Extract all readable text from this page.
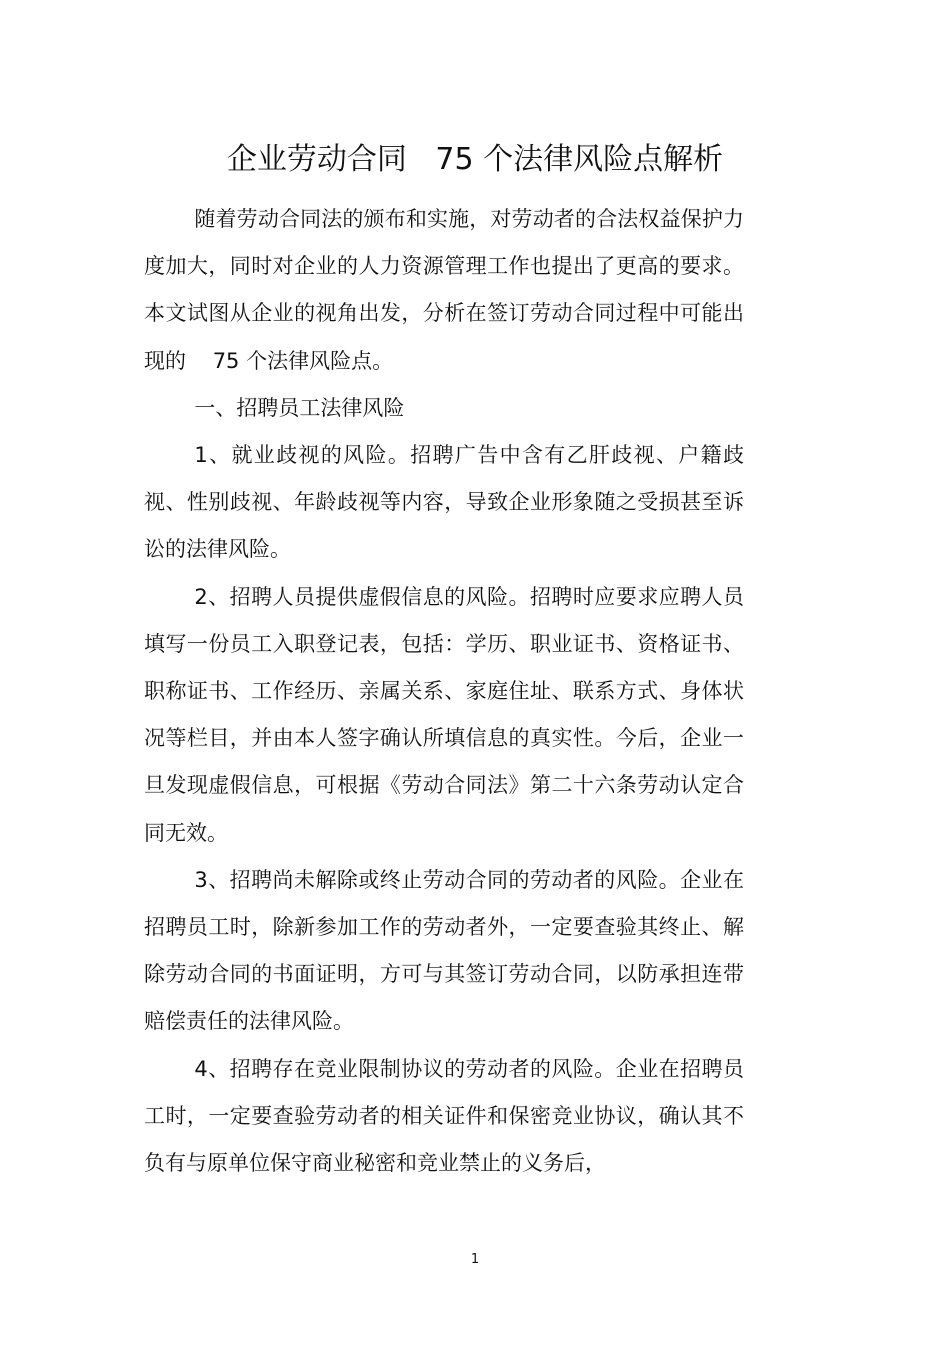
企业劳动合同   75 个法律风险点解析

随着劳动合同法的颁布和实施，对劳动者的合法权益保护力度加大，同时对企业的人力资源管理工作也提出了更高的要求。本文试图从企业的视角出发，分析在签订劳动合同过程中可能出现的    75 个法律风险点。

一、招聘员工法律风险

1、就业歧视的风险。招聘广告中含有乙肝歧视、户籍歧视、性别歧视、年龄歧视等内容，导致企业形象随之受损甚至诉讼的法律风险。

2、招聘人员提供虚假信息的风险。招聘时应要求应聘人员填写一份员工入职登记表，包括：学历、职业证书、资格证书、职称证书、工作经历、亲属关系、家庭住址、联系方式、身体状况等栏目，并由本人签字确认所填信息的真实性。今后，企业一旦发现虚假信息，可根据《劳动合同法》第二十六条劳动认定合同无效。

3、招聘尚未解除或终止劳动合同的劳动者的风险。企业在招聘员工时，除新参加工作的劳动者外，一定要查验其终止、解除劳动合同的书面证明，方可与其签订劳动合同，以防承担连带赔偿责任的法律风险。

4、招聘存在竞业限制协议的劳动者的风险。企业在招聘员工时，一定要查验劳动者的相关证件和保密竞业协议，确认其不负有与原单位保守商业秘密和竞业禁止的义务后，

1
